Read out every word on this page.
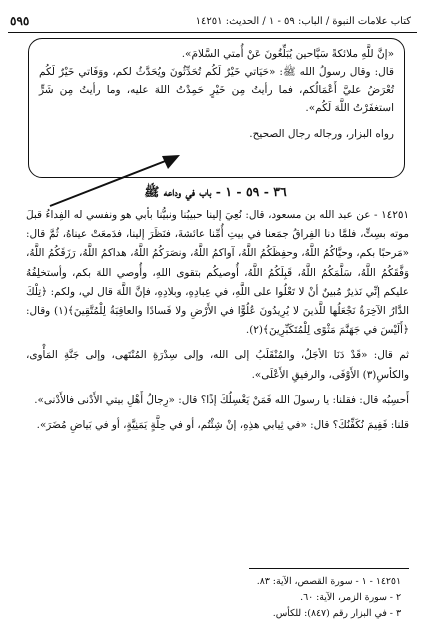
كتاب علامات النبوة / الباب: ٥٩ - ١ / الحديث: ١٤٢٥١
٥٩٥

«إنَّ للَّهِ ملائكةً سَيَّاحين يُبَلِّغُونَ عَنْ أُمتي السَّلامَ».

قال: وقال رسولُ الله ﷺ: «حَيَاتي خَيْرٌ لَكُم تُحَدِّثُونَ ويُحَدَّثُ لكم، ووَفَاتي خَيْرٌ لَكُم تُعْرَضُ عليَّ أَعْمَالُكم، فما رأيتُ مِن خَيْرٍ حَمِدْتُ اللهَ عليه، وما رأيتُ مِن شَرٍّ استغفَرْتُ اللَّهَ لَكُم».

رواه البزار، ورجاله رجال الصحيح.

٣٦ - ٥٩ - ١ - باب في وداعه ﷺ

١٤٢٥١ - عن عبد الله بن مسعود، قال: نُعِيَ إلينا حبيبُنا ونبيُّنا بأبي هو ونفسي له الفِداءُ قبلَ موته بسِتٍّ، فلمَّا دنا الفِراقُ جمَعنا في بيتِ أُمِّنا عائشةَ، فنَظَرَ إلينا، فدَمعَتْ عيناهُ، ثُمَّ قال: «مَرحبًا بكم، وحيَّاكُمُ اللَّهُ، وحفِظَكُمُ اللَّهُ، آواكمُ اللَّهُ، ونصَرَكُمُ اللَّهُ، هداكمُ اللَّهُ، رَزَقَكُمُ اللَّهُ، وَفَّقَكُمُ اللَّهُ، سَلَّمَكُمُ اللَّهُ، قَبِلَكُمُ اللَّهُ، أُوصيكُم بتقوى اللهِ، وأُوصي اللهَ بكم، وأستخلِفُهُ عليكم إنِّي نَذيرٌ مُبينٌ أنْ لا تَعْلُوا على اللَّهِ، في عِبادِهِ، وبلادِهِ، فإنَّ اللَّهَ قال لي، ولكم: ﴿تِلْكَ الدَّارُ الآخِرَةُ نَجْعَلُها للَّذينَ لا يُرِيدُونَ عُلُوًّا في الأَرْضِ ولا فَسادًا والعاقِبَةُ لِلْمُتَّقِينَ﴾(١) وقال: ﴿أَلَيْسَ في جَهَنَّمَ مَثْوًى لِلْمُتَكَبِّرِينَ﴾(٢).

ثم قال: «قَدْ دَنَا الأجَلُ، والمُنْقَلَبُ إلى الله، وإلى سِدْرَةِ المُنْتَهى، وإلى جَنَّةِ المَأْوى، والكأسِ(٣) الأَوْفَى، والرفيقِ الأَعْلَى».

أَحسِبُه قال: فقلنا: يا رسولَ الله فَمَنْ يَغْسِلُكَ إذًا؟ قال: «رِجالُ أَهْلِ بيتي الأَدْنى فالأَدْنى».

قلنا: فَفِيمَ نُكَفِّنُكَ؟ قال: «في ثِيابي هذِهِ، إنْ شِئْتُم، أو في حِلَّةٍ يَمَنِيَّةٍ، أو في بَياضِ مُضَرَ».

١٤٢٥١ - ١ - سورة القصص، الآية: ٨٣.
٢ - سورة الزمر، الآية: ٦٠.
٣ - في البزار رقم (٨٤٧): للكأس.
